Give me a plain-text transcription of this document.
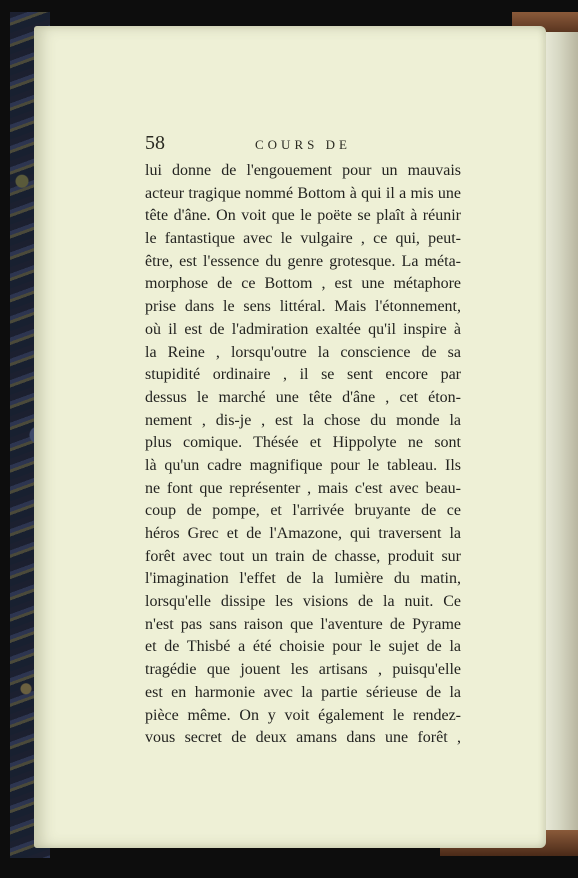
58	COURS DE
lui donne de l'engouement pour un mauvais
acteur tragique nommé Bottom à qui il a mis une
tête d'âne. On voit que le poëte se plaît à réunir
le fantastique avec le vulgaire , ce qui, peut-
être, est l'essence du genre grotesque. La méta-
morphose de ce Bottom , est une métaphore
prise dans le sens littéral. Mais l'étonnement,
où il est de l'admiration exaltée qu'il inspire à
la Reine , lorsqu'outre la conscience de sa
stupidité ordinaire , il se sent encore par
dessus le marché une tête d'âne , cet éton-
nement , dis-je , est la chose du monde la
plus comique. Thésée et Hippolyte ne sont
là qu'un cadre magnifique pour le tableau. Ils
ne font que représenter , mais c'est avec beau-
coup de pompe, et l'arrivée bruyante de ce
héros Grec et de l'Amazone, qui traversent la
forêt avec tout un train de chasse, produit sur
l'imagination l'effet de la lumière du matin,
lorsqu'elle dissipe les visions de la nuit. Ce
n'est pas sans raison que l'aventure de Pyrame
et de Thisbé a été choisie pour le sujet de la
tragédie que jouent les artisans , puisqu'elle
est en harmonie avec la partie sérieuse de la
pièce même. On y voit également le rendez-
vous secret de deux amans dans une forêt ,
